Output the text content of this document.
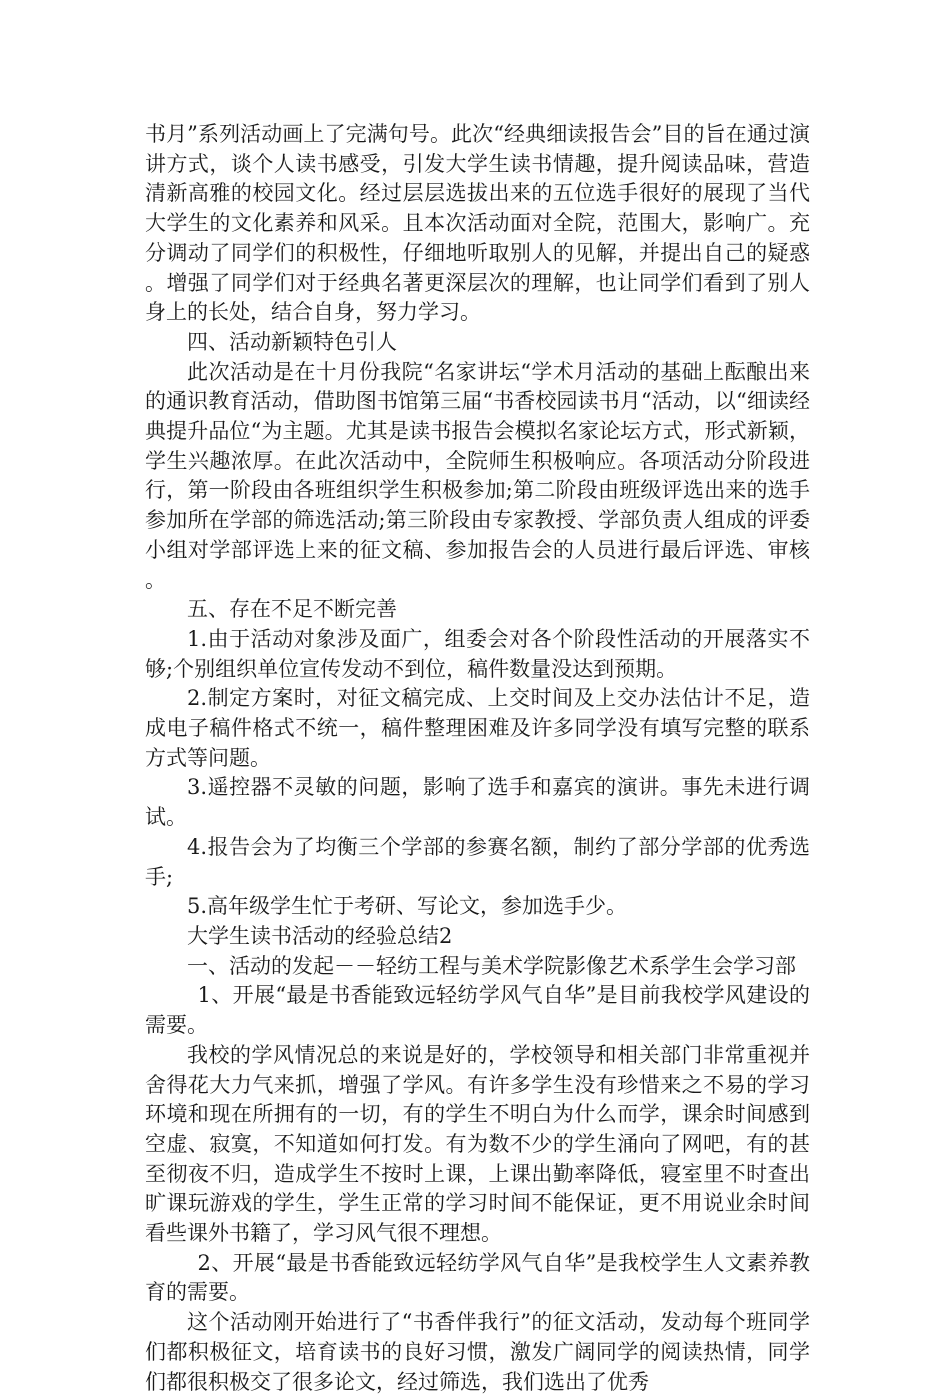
书月”系列活动画上了完满句号。此次“经典细读报告会”目的旨在通过演讲方式，谈个人读书感受，引发大学生读书情趣，提升阅读品味，营造清新高雅的校园文化。经过层层选拔出来的五位选手很好的展现了当代大学生的文化素养和风采。且本次活动面对全院，范围大，影响广。充分调动了同学们的积极性，仔细地听取别人的见解，并提出自己的疑惑。增强了同学们对于经典名著更深层次的理解，也让同学们看到了别人身上的长处，结合自身，努力学习。

四、活动新颖特色引人

此次活动是在十月份我院“名家讲坛“学术月活动的基础上酝酿出来的通识教育活动，借助图书馆第三届“书香校园读书月“活动，以“细读经典提升品位“为主题。尤其是读书报告会模拟名家论坛方式，形式新颖，学生兴趣浓厚。在此次活动中，全院师生积极响应。各项活动分阶段进行，第一阶段由各班组织学生积极参加;第二阶段由班级评选出来的选手参加所在学部的筛选活动;第三阶段由专家教授、学部负责人组成的评委小组对学部评选上来的征文稿、参加报告会的人员进行最后评选、审核。

五、存在不足不断完善

1.由于活动对象涉及面广，组委会对各个阶段性活动的开展落实不够;个别组织单位宣传发动不到位，稿件数量没达到预期。

2.制定方案时，对征文稿完成、上交时间及上交办法估计不足，造成电子稿件格式不统一，稿件整理困难及许多同学没有填写完整的联系方式等问题。

3.遥控器不灵敏的问题，影响了选手和嘉宾的演讲。事先未进行调试。

4.报告会为了均衡三个学部的参赛名额，制约了部分学部的优秀选手;

5.高年级学生忙于考研、写论文，参加选手少。

大学生读书活动的经验总结2

一、活动的发起－－轻纺工程与美术学院影像艺术系学生会学习部

1、开展“最是书香能致远轻纺学风气自华”是目前我校学风建设的需要。

我校的学风情况总的来说是好的，学校领导和相关部门非常重视并舍得花大力气来抓，增强了学风。有许多学生没有珍惜来之不易的学习环境和现在所拥有的一切，有的学生不明白为什么而学，课余时间感到空虚、寂寞，不知道如何打发。有为数不少的学生涌向了网吧，有的甚至彻夜不归，造成学生不按时上课，上课出勤率降低，寝室里不时查出旷课玩游戏的学生，学生正常的学习时间不能保证，更不用说业余时间看些课外书籍了，学习风气很不理想。

2、开展“最是书香能致远轻纺学风气自华”是我校学生人文素养教育的需要。

这个活动刚开始进行了“书香伴我行”的征文活动，发动每个班同学们都积极征文，培育读书的良好习惯，激发广阔同学的阅读热情，同学们都很积极交了很多论文，经过筛选，我们选出了优秀
